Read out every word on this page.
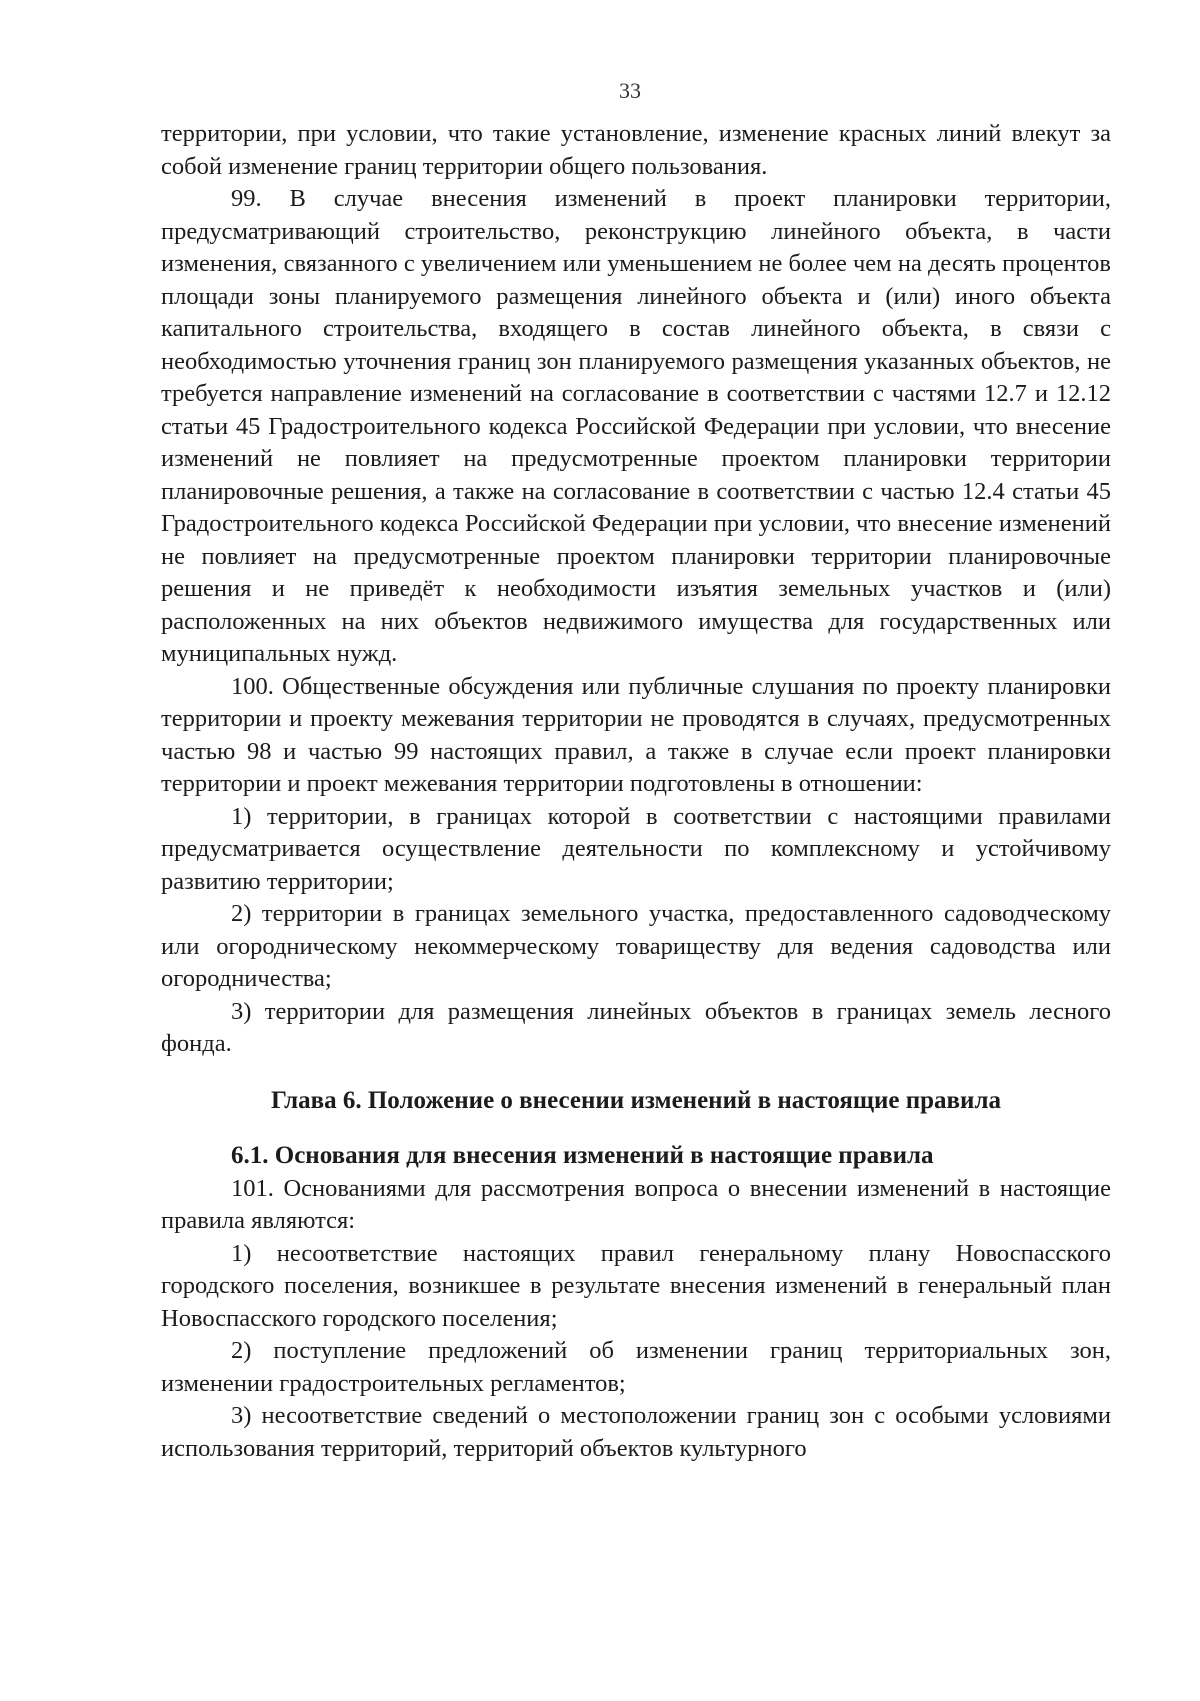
33

территории, при условии, что такие установление, изменение красных линий влекут за собой изменение границ территории общего пользования.

99. В случае внесения изменений в проект планировки территории, предусматривающий строительство, реконструкцию линейного объекта, в части изменения, связанного с увеличением или уменьшением не более чем на десять процентов площади зоны планируемого размещения линейного объекта и (или) иного объекта капитального строительства, входящего в состав линейного объекта, в связи с необходимостью уточнения границ зон планируемого размещения указанных объектов, не требуется направление изменений на согласование в соответствии с частями 12.7 и 12.12 статьи 45 Градостроительного кодекса Российской Федерации при условии, что внесение изменений не повлияет на предусмотренные проектом планировки территории планировочные решения, а также на согласование в соответствии с частью 12.4 статьи 45 Градостроительного кодекса Российской Федерации при условии, что внесение изменений не повлияет на предусмотренные проектом планировки территории планировочные решения и не приведёт к необходимости изъятия земельных участков и (или) расположенных на них объектов недвижимого имущества для государственных или муниципальных нужд.

100. Общественные обсуждения или публичные слушания по проекту планировки территории и проекту межевания территории не проводятся в случаях, предусмотренных частью 98 и частью 99 настоящих правил, а также в случае если проект планировки территории и проект межевания территории подготовлены в отношении:

1) территории, в границах которой в соответствии с настоящими правилами предусматривается осуществление деятельности по комплексному и устойчивому развитию территории;

2) территории в границах земельного участка, предоставленного садоводческому или огородническому некоммерческому товариществу для ведения садоводства или огородничества;

3) территории для размещения линейных объектов в границах земель лесного фонда.

Глава 6. Положение о внесении изменений в настоящие правила

6.1. Основания для внесения изменений в настоящие правила

101. Основаниями для рассмотрения вопроса о внесении изменений в настоящие правила являются:

1) несоответствие настоящих правил генеральному плану Новоспасского городского поселения, возникшее в результате внесения изменений в генеральный план Новоспасского городского поселения;

2) поступление предложений об изменении границ территориальных зон, изменении градостроительных регламентов;

3) несоответствие сведений о местоположении границ зон с особыми условиями использования территорий, территорий объектов культурного
